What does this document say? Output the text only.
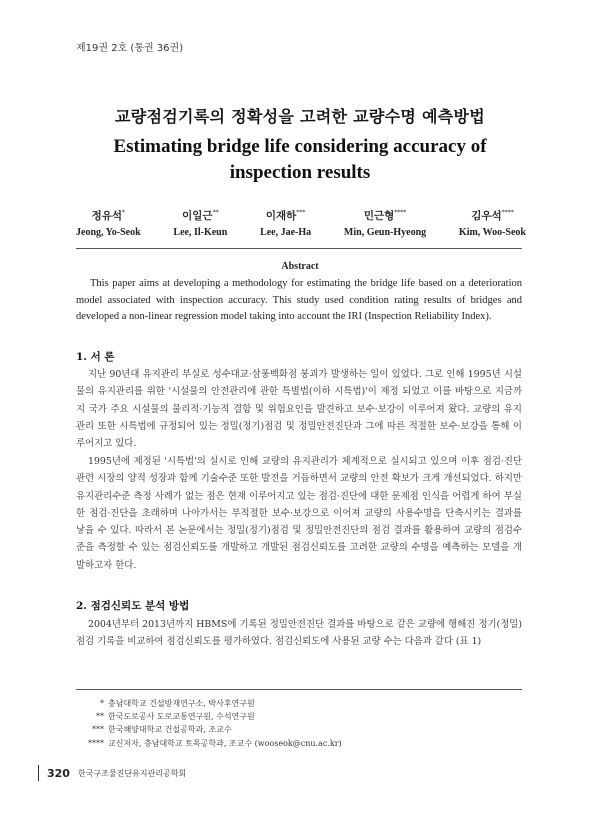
제19권 2호 (통권 36권)
교량점검기록의 정확성을 고려한 교량수명 예측방법
Estimating bridge life considering accuracy of inspection results
정유석*
Jeong, Yo-Seok
이일근**
Lee, Il-Keun
이재하***
Lee, Jae-Ha
민근형****
Min, Geun-Hyeong
김우석****
Kim, Woo-Seok
Abstract
This paper aims at developing a methodology for estimating the bridge life based on a deterioration model associated with inspection accuracy. This study used condition rating results of bridges and developed a non-linear regression model taking into account the IRI (Inspection Reliability Index).
1. 서 론

지난 90년대 유지관리 부실로 성수대교·삼풍백화점 붕괴가 발생하는 일이 있었다. 그로 인해 1995년 시설물의 유지관리를 위한 '시설물의 안전관리에 관한 특별법(이하 시특법)'이 제정 되었고 이를 바탕으로 지금까지 국가 주요 시설물의 물리적·기능적 결함 및 위험요인을 발견하고 보수·보강이 이루어져 왔다. 교량의 유지관리 또한 시특법에 규정되어 있는 정밀(정기)점검 및 정밀안전진단과 그에 따른 적절한 보수·보강을 통해 이루어지고 있다.

1995년에 제정된 '시특법'의 실시로 인해 교량의 유지관리가 체계적으로 실시되고 있으며 이후 점검·진단 관련 시장의 양적 성장과 함께 기술수준 또한 발전을 거듭하면서 교량의 안전 확보가 크게 개선되었다. 하지만 유지관리수준 측정 사례가 없는 점은 현재 이루어지고 있는 점검·진단에 대한 문제점 인식을 어렵게 하여 부실한 점검·진단을 초래하며 나아가서는 부적절한 보수·보강으로 이어져 교량의 사용수명을 단축시키는 결과를 낳을 수 있다. 따라서 본 논문에서는 정밀(정기)점검 및 정밀안전진단의 점검 결과를 활용하여 교량의 점검수준을 측정할 수 있는 점검신뢰도를 개발하고 개발된 점검신뢰도를 고려한 교량의 수명을 예측하는 모델을 개발하고자 한다.

2. 점검신뢰도 분석 방법

2004년부터 2013년까지 HBMS에 기록된 정밀안전진단 결과를 바탕으로 같은 교량에 행해진 정기(정밀)점검 기록을 비교하여 점검신뢰도를 평가하였다. 점검신뢰도에 사용된 교량 수는 다음과 같다 (표 1)

* 충남대학교 건설방재연구소, 박사후연구원
** 한국도로공사 도로교통연구원, 수석연구원
*** 한국해양대학교 건설공학과, 조교수
**** 교신저자, 충남대학교 토목공학과, 조교수 (wooseok@cnu.ac.kr)
320 한국구조물진단유지관리공학회
